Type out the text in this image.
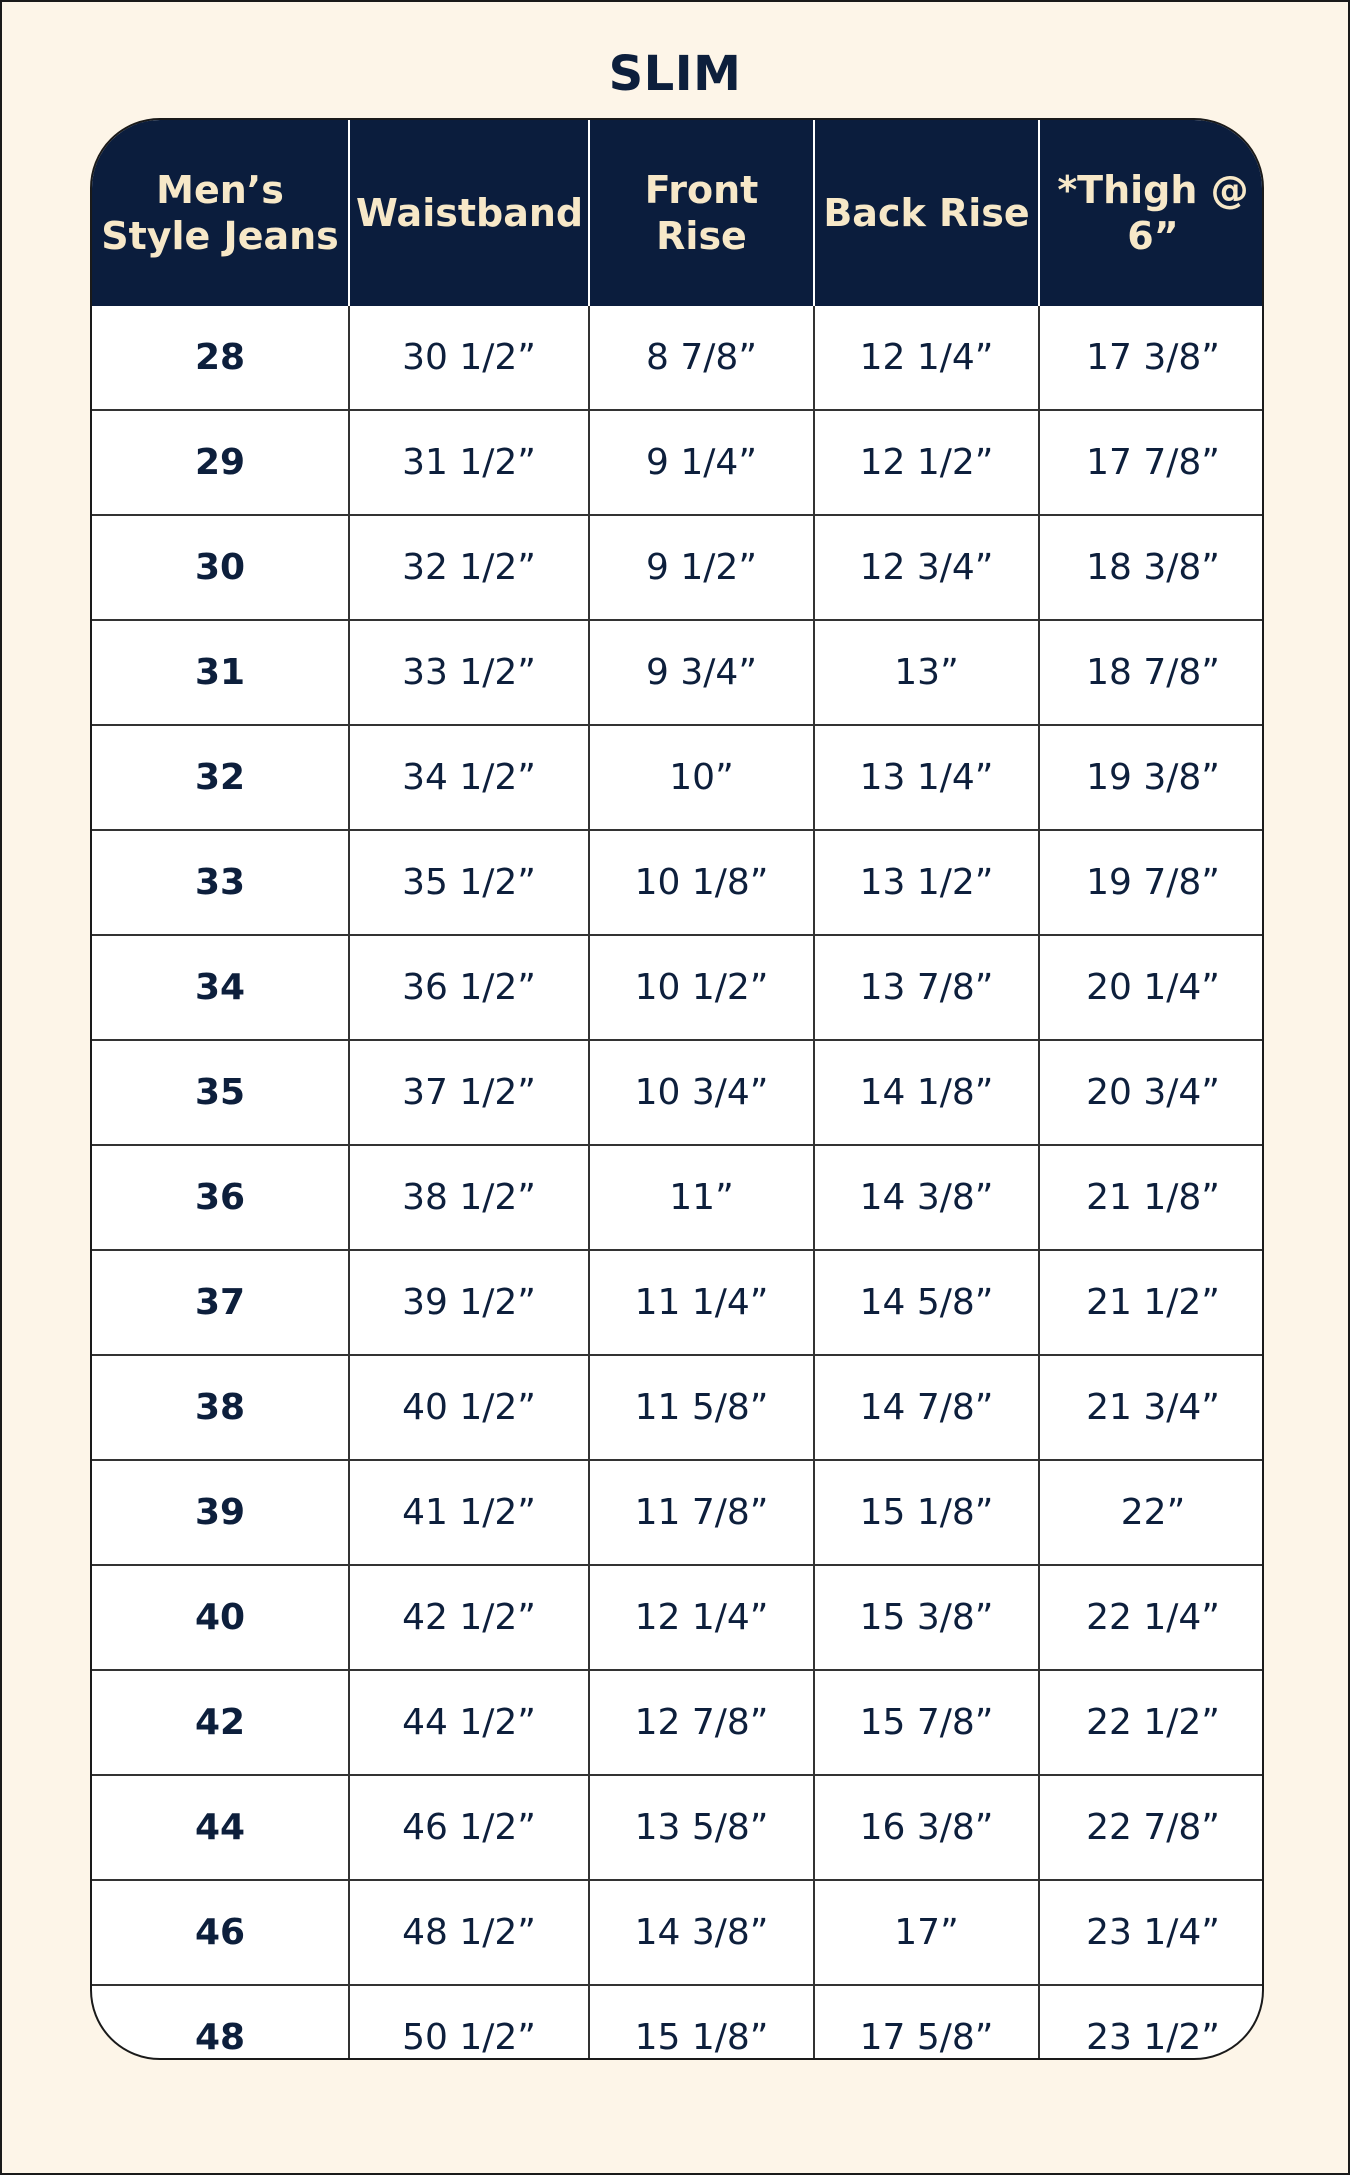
SLIM
Men’s Style Jeans	Waistband	Front Rise	Back Rise	*Thigh @ 6”
28	30 1/2”	8 7/8”	12 1/4”	17 3/8”
29	31 1/2”	9 1/4”	12 1/2”	17 7/8”
30	32 1/2”	9 1/2”	12 3/4”	18 3/8”
31	33 1/2”	9 3/4”	13”	18 7/8”
32	34 1/2”	10”	13 1/4”	19 3/8”
33	35 1/2”	10 1/8”	13 1/2”	19 7/8”
34	36 1/2”	10 1/2”	13 7/8”	20 1/4”
35	37 1/2”	10 3/4”	14 1/8”	20 3/4”
36	38 1/2”	11”	14 3/8”	21 1/8”
37	39 1/2”	11 1/4”	14 5/8”	21 1/2”
38	40 1/2”	11 5/8”	14 7/8”	21 3/4”
39	41 1/2”	11 7/8”	15 1/8”	22”
40	42 1/2”	12 1/4”	15 3/8”	22 1/4”
42	44 1/2”	12 7/8”	15 7/8”	22 1/2”
44	46 1/2”	13 5/8”	16 3/8”	22 7/8”
46	48 1/2”	14 3/8”	17”	23 1/4”
48	50 1/2”	15 1/8”	17 5/8”	23 1/2”
